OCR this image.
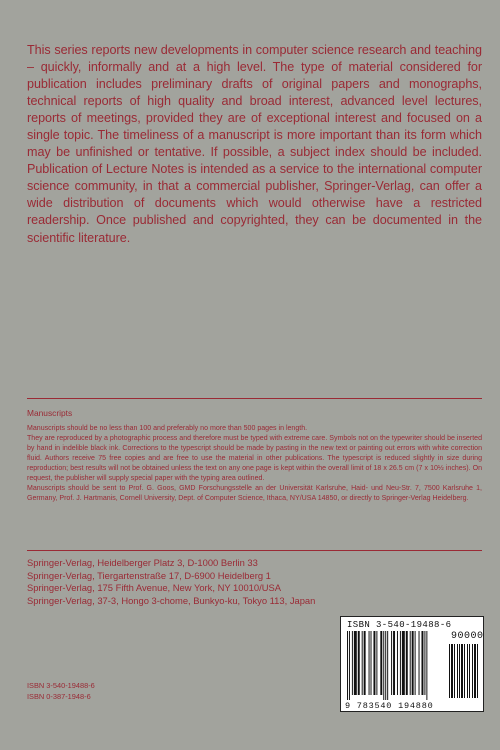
This series reports new developments in computer science research and teaching – quickly, informally and at a high level. The type of material considered for publication includes preliminary drafts of original papers and monographs, technical reports of high quality and broad interest, advanced level lectures, reports of meetings, provided they are of exceptional interest and focused on a single topic. The timeliness of a manuscript is more important than its form which may be unfinished or tentative. If possible, a subject index should be included. Publication of Lecture Notes is intended as a service to the international computer science community, in that a commercial publisher, Springer-Verlag, can offer a wide distribution of documents which would otherwise have a restricted readership. Once published and copyrighted, they can be documented in the scientific literature.

Manuscripts

Manuscripts should be no less than 100 and preferably no more than 500 pages in length.

They are reproduced by a photographic process and therefore must be typed with extreme care. Symbols not on the typewriter should be inserted by hand in indelible black ink. Corrections to the typescript should be made by pasting in the new text or painting out errors with white correction fluid. Authors receive 75 free copies and are free to use the material in other publications. The typescript is reduced slightly in size during reproduction; best results will not be obtained unless the text on any one page is kept within the overall limit of 18 x 26.5 cm (7 x 10½ inches). On request, the publisher will supply special paper with the typing area outlined.

Manuscripts should be sent to Prof. G. Goos, GMD Forschungsstelle an der Universität Karlsruhe, Haid- und Neu-Str. 7, 7500 Karlsruhe 1, Germany, Prof. J. Hartmanis, Cornell University, Dept. of Computer Science, Ithaca, NY/USA 14850, or directly to Springer-Verlag Heidelberg.

Springer-Verlag, Heidelberger Platz 3, D-1000 Berlin 33
Springer-Verlag, Tiergartenstraße 17, D-6900 Heidelberg 1
Springer-Verlag, 175 Fifth Avenue, New York, NY 10010/USA
Springer-Verlag, 37-3, Hongo 3-chome, Bunkyo-ku, Tokyo 113, Japan
ISBN 3-540-19488-6
ISBN 0-387-1948-6
ISBN 3-540-19488-6
90000
9 783540 194880
